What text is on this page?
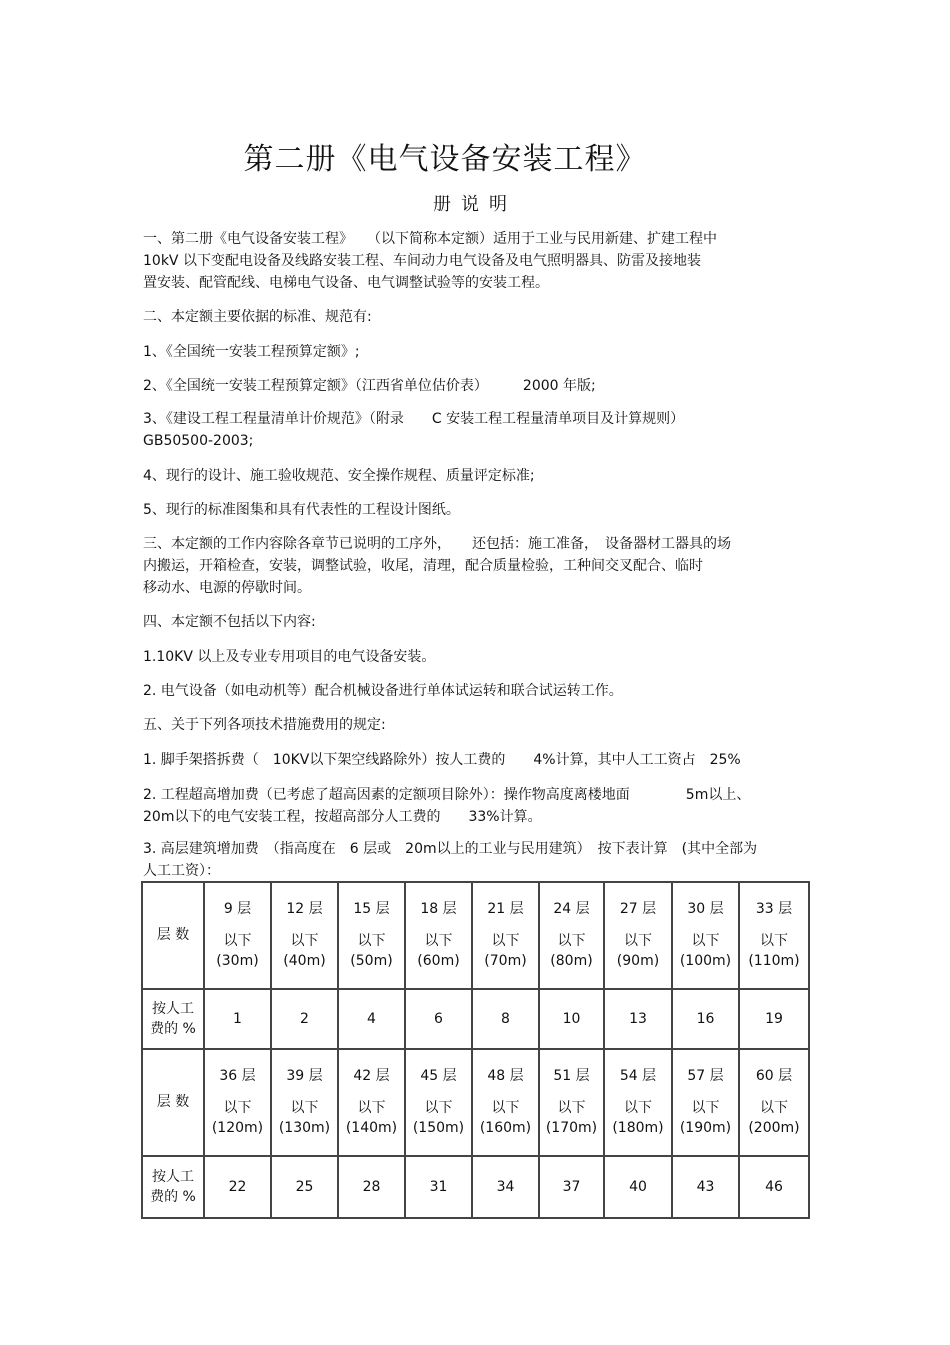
第二册《电气设备安装工程》
册说明
一、第二册《电气设备安装工程》　　（以下简称本定额）适用于工业与民用新建、扩建工程中
10kV 以下变配电设备及线路安装工程、车间动力电气设备及电气照明器具、防雷及接地装
置安装、配管配线、电梯电气设备、电气调整试验等的安装工程。
二、本定额主要依据的标准、规范有:
1、《全国统一安装工程预算定额》;
2、《全国统一安装工程预算定额》（江西省单位估价表）　　　2000 年版;
3、《建设工程工程量清单计价规范》（附录　　C 安装工程工程量清单项目及计算规则）
GB50500-2003;
4、现行的设计、施工验收规范、安全操作规程、质量评定标准;
5、现行的标准图集和具有代表性的工程设计图纸。
三、本定额的工作内容除各章节已说明的工序外，　　还包括：施工准备，　设备器材工器具的场
内搬运，开箱检查，安装，调整试验，收尾，清理，配合质量检验，工种间交叉配合、临时
移动水、电源的停歇时间。
四、本定额不包括以下内容:
1.10KV 以上及专业专用项目的电气设备安装。
2. 电气设备（如电动机等）配合机械设备进行单体试运转和联合试运转工作。
五、关于下列各项技术措施费用的规定:
1. 脚手架搭拆费（　10KV以下架空线路除外）按人工费的　　4%计算，其中人工工资占　25%
2. 工程超高增加费（已考虑了超高因素的定额项目除外）：操作物高度离楼地面　　　　5m以上、
20m以下的电气安装工程，按超高部分人工费的　　33%计算。
3. 高层建筑增加费　（指高度在　6 层或　20m以上的工业与民用建筑）　按下表计算　(其中全部为
人工工资）：
层 数	9 层
以下
(30m)	12 层
以下
(40m)	15 层
以下
(50m)	18 层
以下
(60m)	21 层
以下
(70m)	24 层
以下
(80m)	27 层
以下
(90m)	30 层
以下
(100m)	33 层
以下
(110m)

按人工
费的 %	1	2	4	6	8	10	13	16	19
层 数	36 层
以下
(120m)	39 层
以下
(130m)	42 层
以下
(140m)	45 层
以下
(150m)	48 层
以下
(160m)	51 层
以下
(170m)	54 层
以下
(180m)	57 层
以下
(190m)	60 层
以下
(200m)

按人工
费的 %	22	25	28	31	34	37	40	43	46
